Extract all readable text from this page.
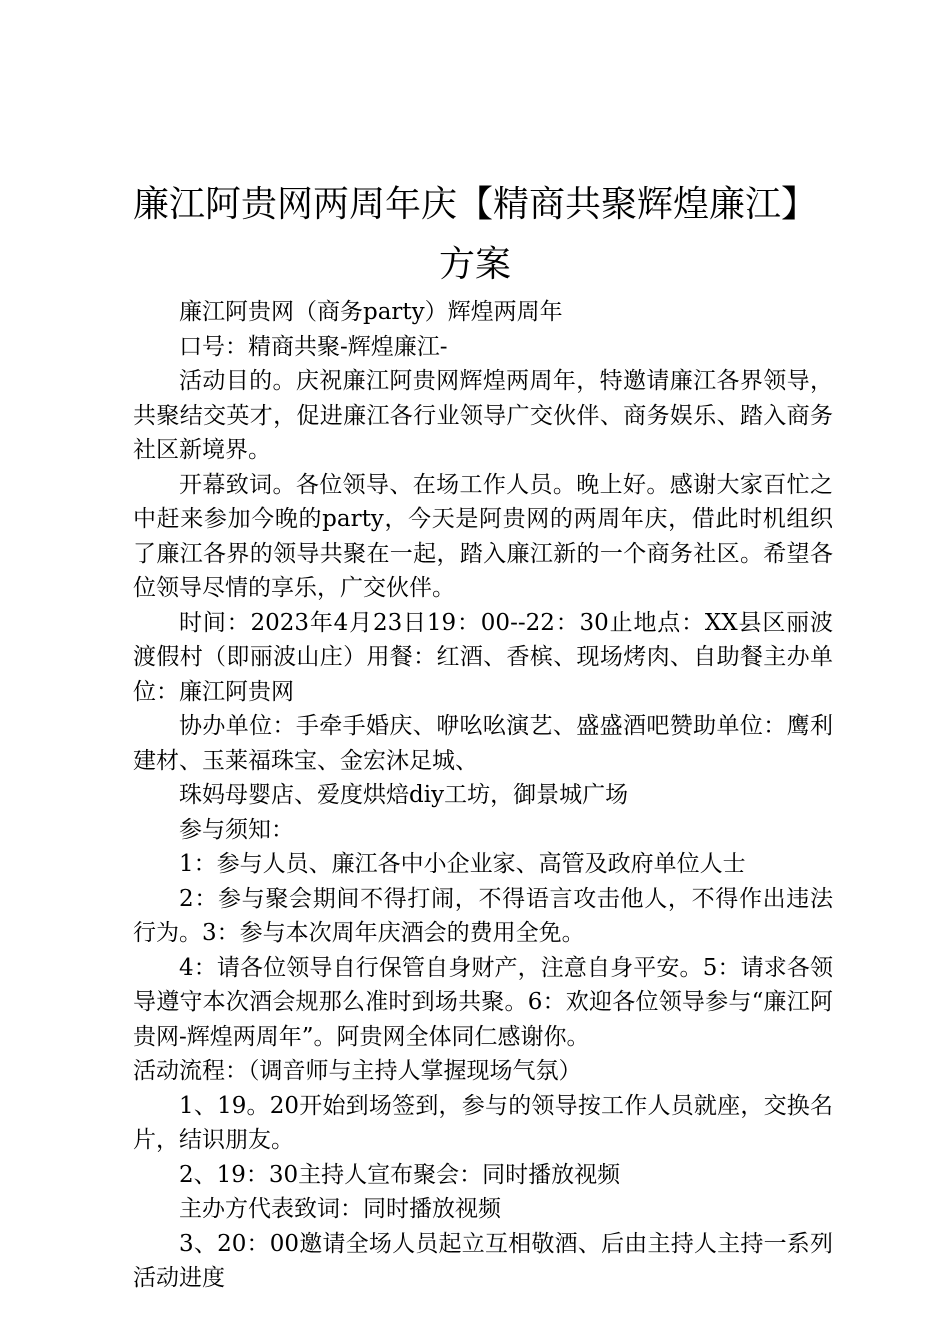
廉江阿贵网两周年庆【精商共聚辉煌廉江】
方案

廉江阿贵网（商务party）辉煌两周年

口号：精商共聚-辉煌廉江-

活动目的。庆祝廉江阿贵网辉煌两周年，特邀请廉江各界领导，共聚结交英才，促进廉江各行业领导广交伙伴、商务娱乐、踏入商务社区新境界。

开幕致词。各位领导、在场工作人员。晚上好。感谢大家百忙之中赶来参加今晚的party，今天是阿贵网的两周年庆，借此时机组织了廉江各界的领导共聚在一起，踏入廉江新的一个商务社区。希望各位领导尽情的享乐，广交伙伴。

时间：2023年4月23日19：00--22：30止地点：XX县区丽波渡假村（即丽波山庄）用餐：红酒、香槟、现场烤肉、自助餐主办单位：廉江阿贵网

协办单位：手牵手婚庆、咿吆吆演艺、盛盛酒吧赞助单位：鹰利建材、玉莱福珠宝、金宏沐足城、

珠妈母婴店、爱度烘焙diy工坊，御景城广场

参与须知：

1：参与人员、廉江各中小企业家、高管及政府单位人士

2：参与聚会期间不得打闹，不得语言攻击他人，不得作出违法行为。3：参与本次周年庆酒会的费用全免。

4：请各位领导自行保管自身财产，注意自身平安。5：请求各领导遵守本次酒会规那么准时到场共聚。6：欢迎各位领导参与“廉江阿贵网-辉煌两周年”。阿贵网全体同仁感谢你。

活动流程：（调音师与主持人掌握现场气氛）

1、19。20开始到场签到，参与的领导按工作人员就座，交换名片，结识朋友。

2、19：30主持人宣布聚会：同时播放视频

主办方代表致词：同时播放视频

3、20：00邀请全场人员起立互相敬酒、后由主持人主持一系列活动进度
